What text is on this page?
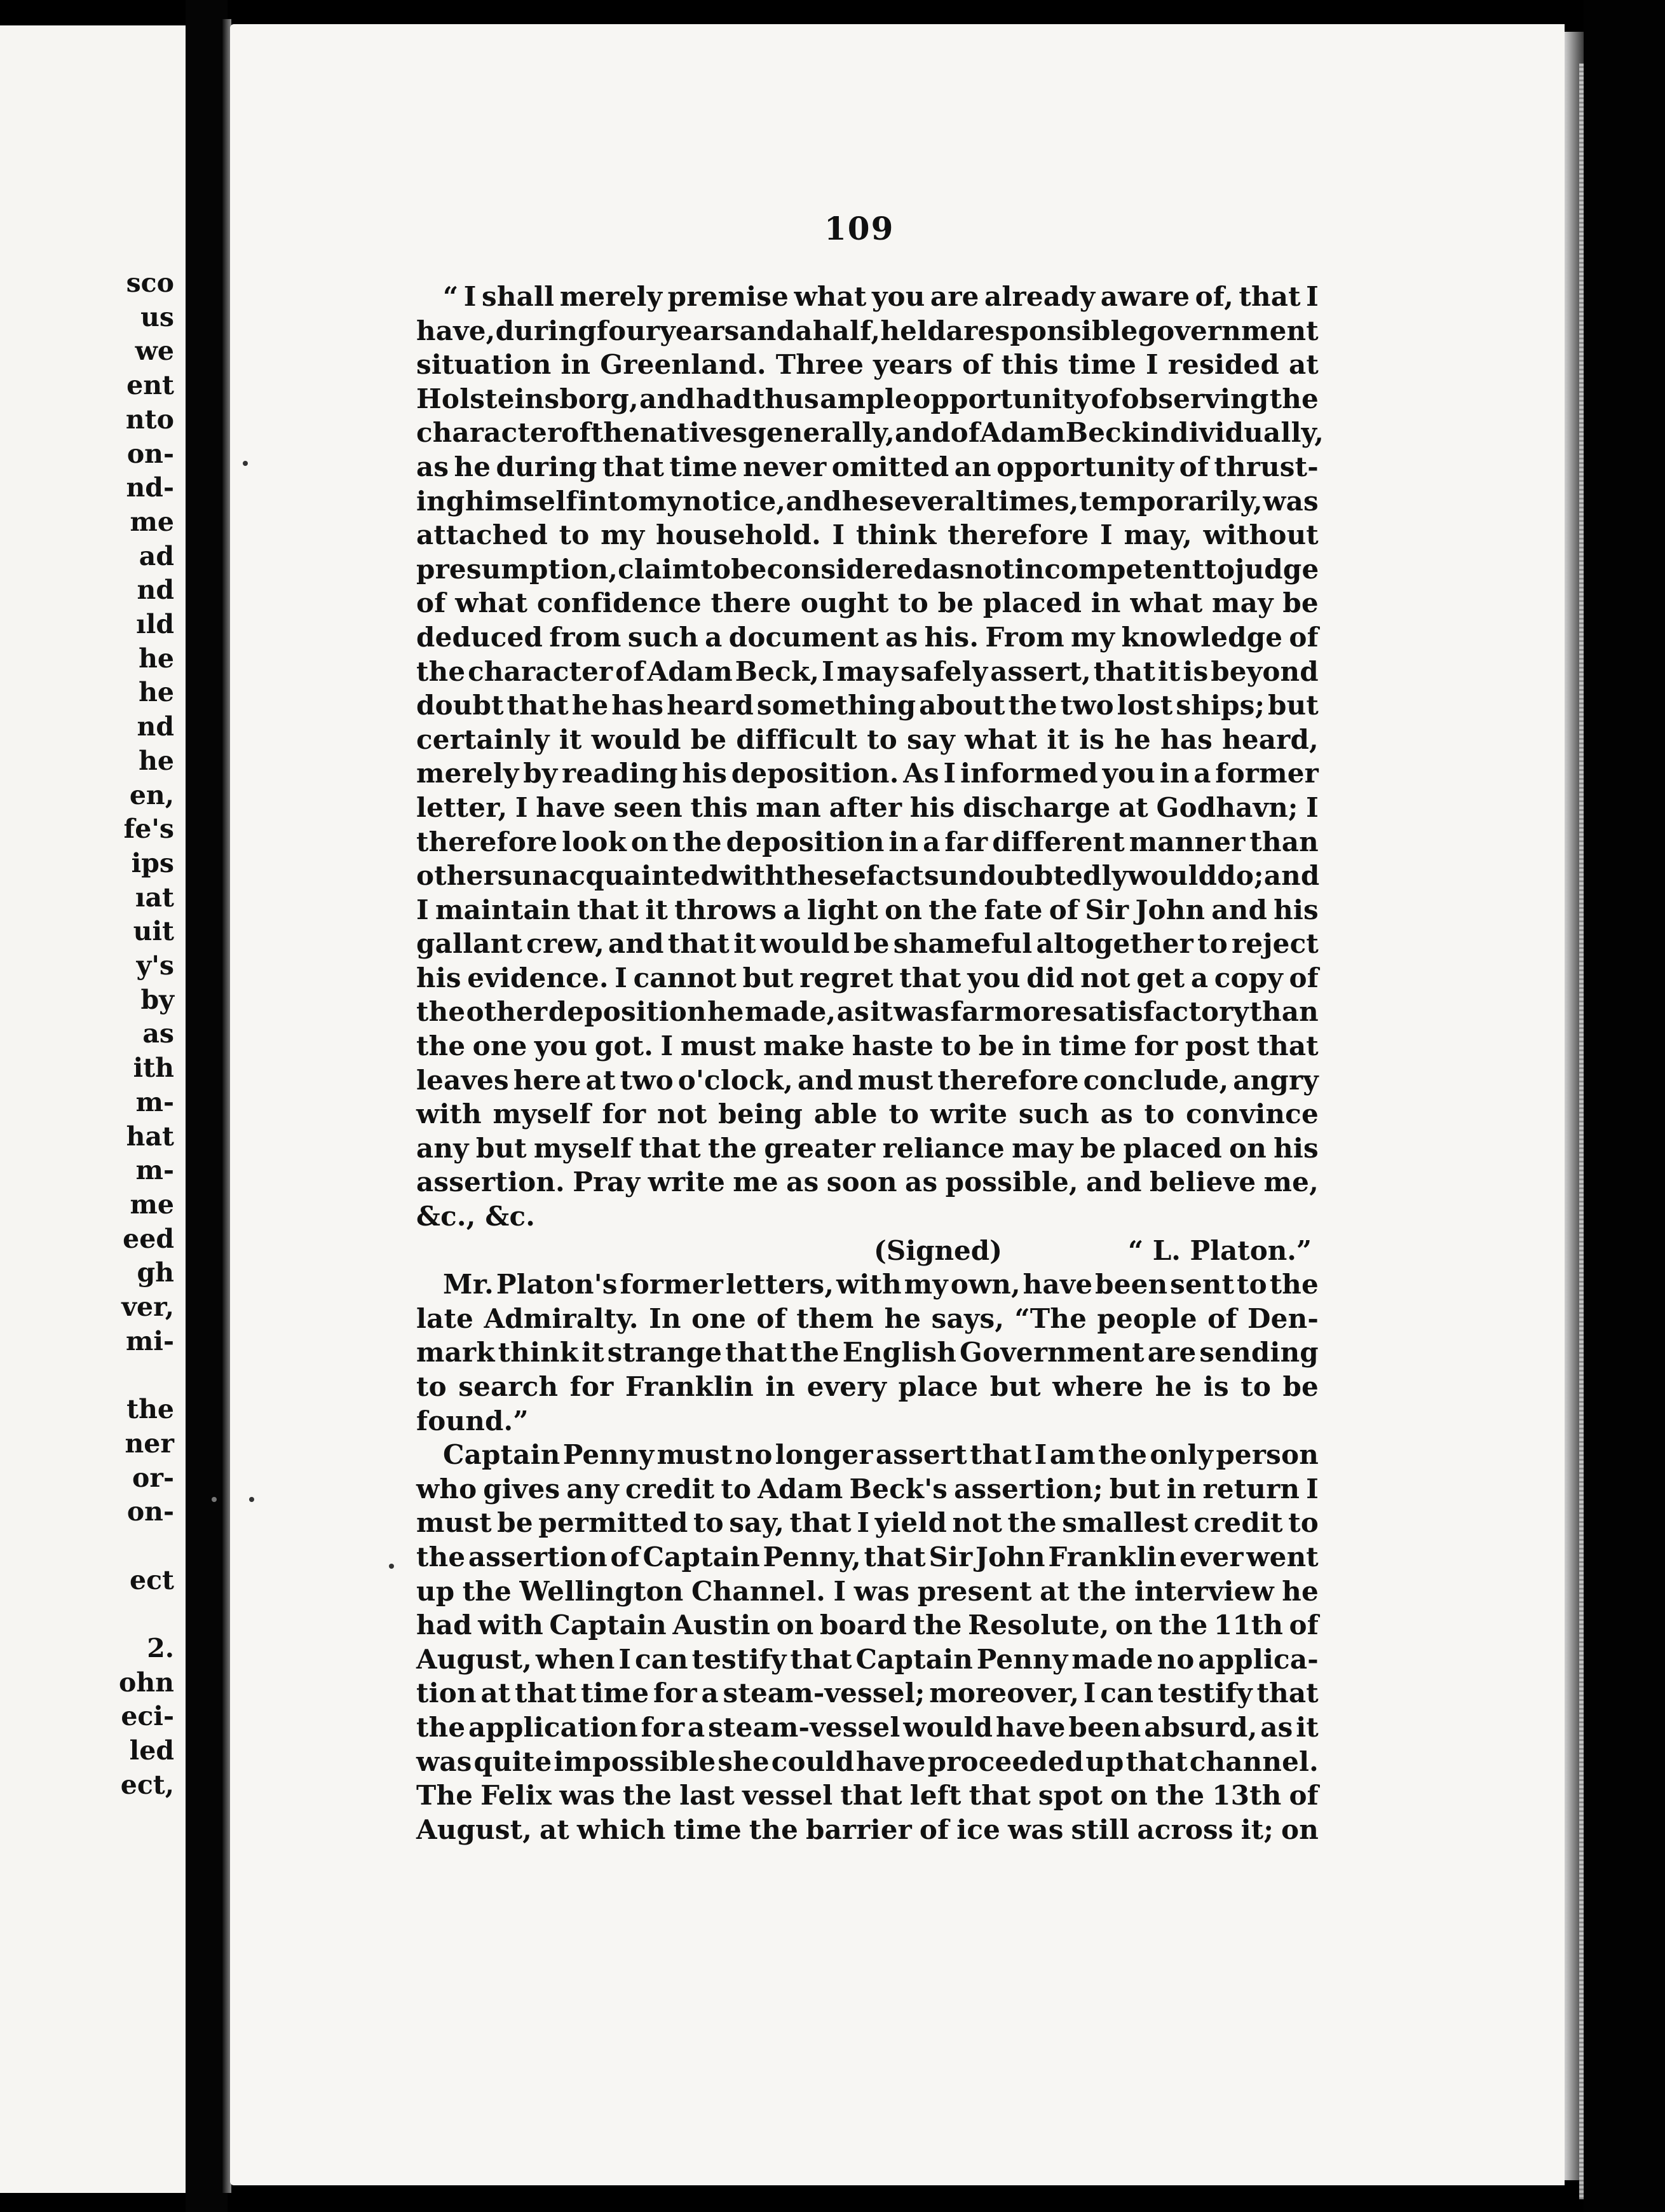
sco
us
we
ent
nto
on-
nd-
me
ad
nd
ıld
he
he
nd
he
en,
fe's
ips
ıat
uit
y's
by
as
ith
m-
hat
m-
me
eed
gh
ver,
mi-
the
ner
or-
on-
ect
2.
ohn
eci-
led
ect,
109
“ I shall merely premise what you are already aware of, that I
have, during four years and a half, held a responsible government
situation in Greenland. Three years of this time I resided at
Holsteinsborg, and had thus ample opportunity of observing the
character of the natives generally, and of Adam Beck individually,
as he during that time never omitted an opportunity of thrust-
ing himself into my notice, and he several times, temporarily, was
attached to my household. I think therefore I may, without
presumption, claim to be considered as not incompetent to judge
of what confidence there ought to be placed in what may be
deduced from such a document as his. From my knowledge of
the character of Adam Beck, I may safely assert, that it is beyond
doubt that he has heard something about the two lost ships; but
certainly it would be difficult to say what it is he has heard,
merely by reading his deposition. As I informed you in a former
letter, I have seen this man after his discharge at Godhavn; I
therefore look on the deposition in a far different manner than
others unacquainted with these facts undoubtedly would do; and
I maintain that it throws a light on the fate of Sir John and his
gallant crew, and that it would be shameful altogether to reject
his evidence. I cannot but regret that you did not get a copy of
the other deposition he made, as it was far more satisfactory than
the one you got. I must make haste to be in time for post that
leaves here at two o'clock, and must therefore conclude, angry
with myself for not being able to write such as to convince
any but myself that the greater reliance may be placed on his
assertion. Pray write me as soon as possible, and believe me,
&c., &c.
(Signed)	“ L. Platon.”
Mr. Platon's former letters, with my own, have been sent to the
late Admiralty. In one of them he says, “The people of Den-
mark think it strange that the English Government are sending
to search for Franklin in every place but where he is to be
found.”
Captain Penny must no longer assert that I am the only person
who gives any credit to Adam Beck's assertion; but in return I
must be permitted to say, that I yield not the smallest credit to
the assertion of Captain Penny, that Sir John Franklin ever went
up the Wellington Channel. I was present at the interview he
had with Captain Austin on board the Resolute, on the 11th of
August, when I can testify that Captain Penny made no applica-
tion at that time for a steam-vessel; moreover, I can testify that
the application for a steam-vessel would have been absurd, as it
was quite impossible she could have proceeded up that channel.
The Felix was the last vessel that left that spot on the 13th of
August, at which time the barrier of ice was still across it; on
